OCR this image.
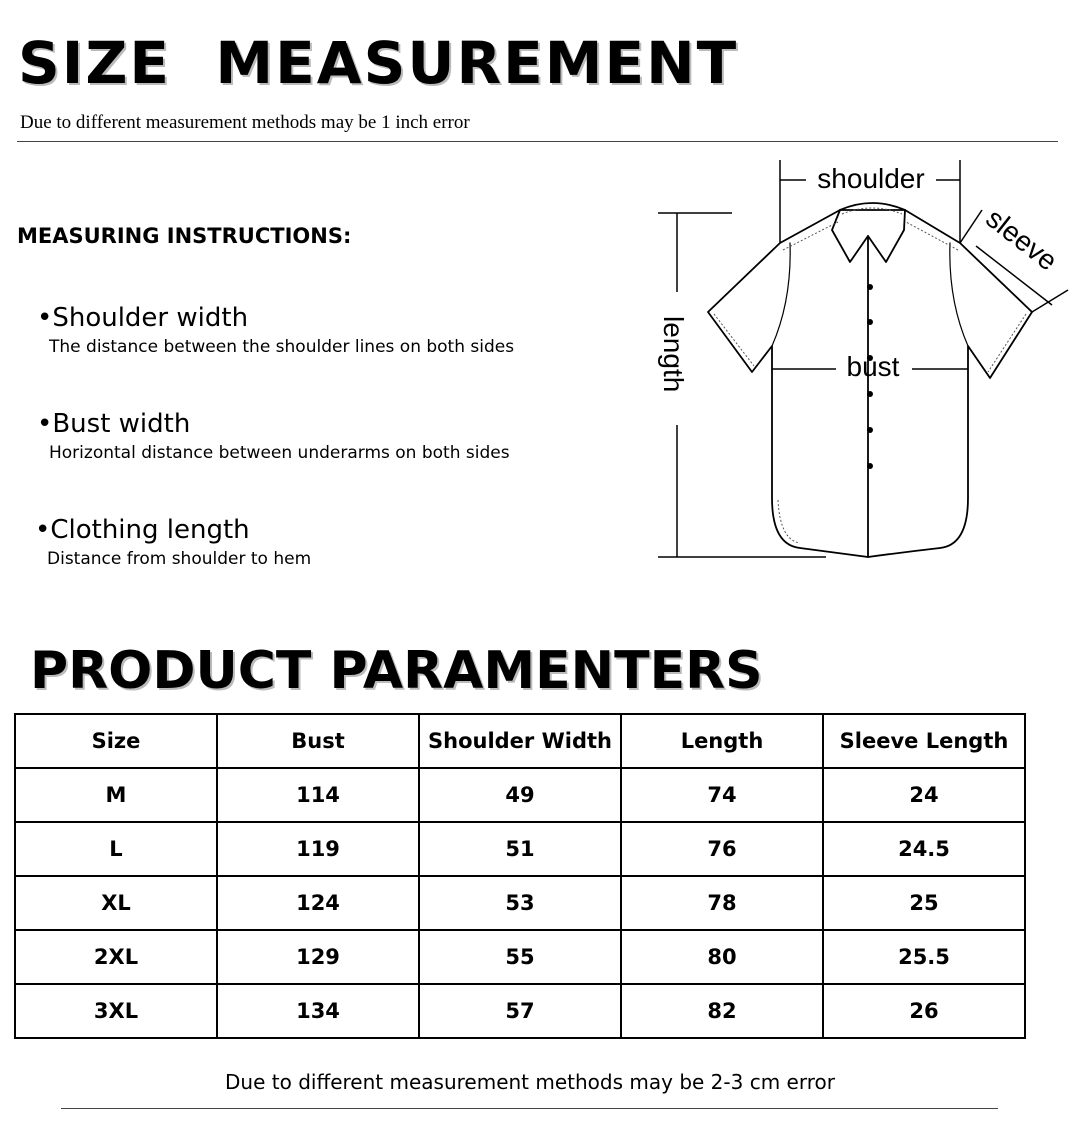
SIZE  MEASUREMENT

Due to different measurement methods may be 1 inch error

MEASURING INSTRUCTIONS:
•Shoulder width
The distance between the shoulder lines on both sides
•Bust width
Horizontal distance between underarms on both sides
•Clothing length
Distance from shoulder to hem
shoulder
bust
length
sleeve
PRODUCT PARAMENTERS
Size	Bust	Shoulder Width	Length	Sleeve Length
M	114	49	74	24
L	119	51	76	24.5
XL	124	53	78	25
2XL	129	55	80	25.5
3XL	134	57	82	26

Due to different measurement methods may be 2-3 cm error
